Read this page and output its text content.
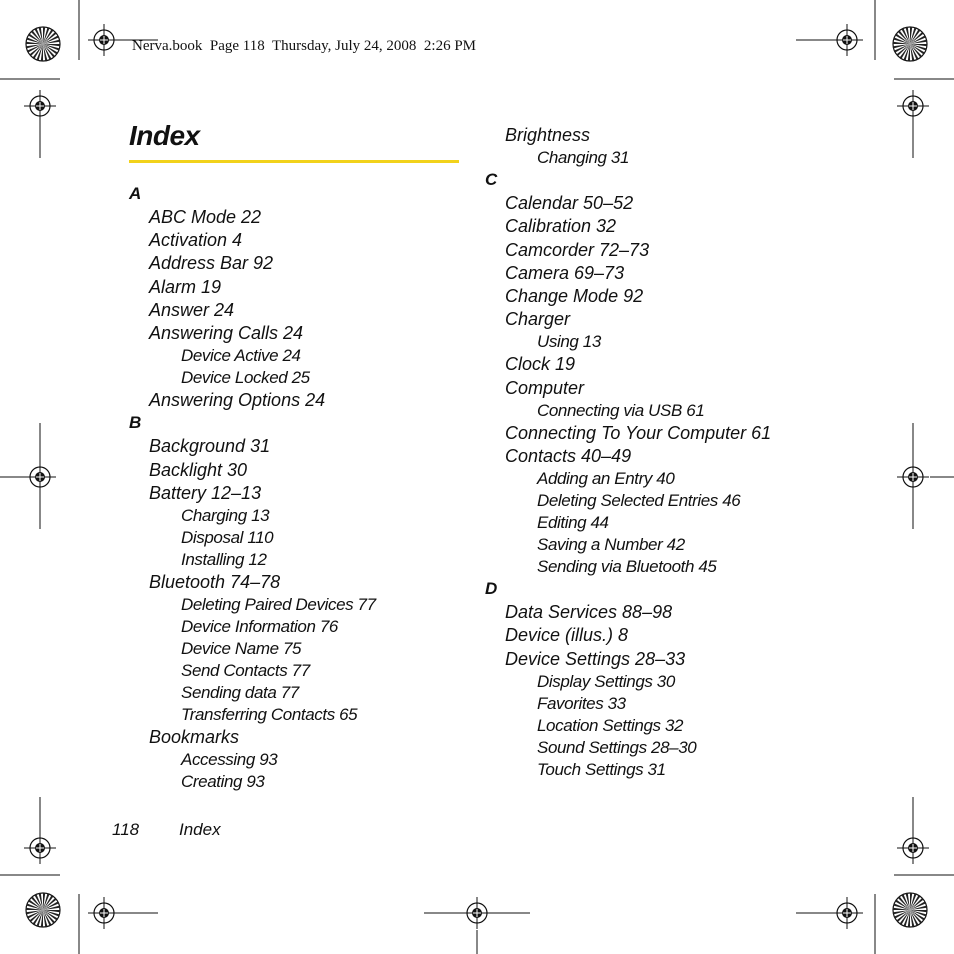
Nerva.book  Page 118  Thursday, July 24, 2008  2:26 PM
Index
A
ABC Mode 22
Activation 4
Address Bar 92
Alarm 19
Answer 24
Answering Calls 24
Device Active 24
Device Locked 25
Answering Options 24
B
Background 31
Backlight 30
Battery 12–13
Charging 13
Disposal 110
Installing 12
Bluetooth 74–78
Deleting Paired Devices 77
Device Information 76
Device Name 75
Send Contacts 77
Sending data 77
Transferring Contacts 65
Bookmarks
Accessing 93
Creating 93
Brightness
Changing 31
C
Calendar 50–52
Calibration 32
Camcorder 72–73
Camera 69–73
Change Mode 92
Charger
Using 13
Clock 19
Computer
Connecting via USB 61
Connecting To Your Computer 61
Contacts 40–49
Adding an Entry 40
Deleting Selected Entries 46
Editing 44
Saving a Number 42
Sending via Bluetooth 45
D
Data Services 88–98
Device (illus.) 8
Device Settings 28–33
Display Settings 30
Favorites 33
Location Settings 32
Sound Settings 28–30
Touch Settings 31
118 Index
